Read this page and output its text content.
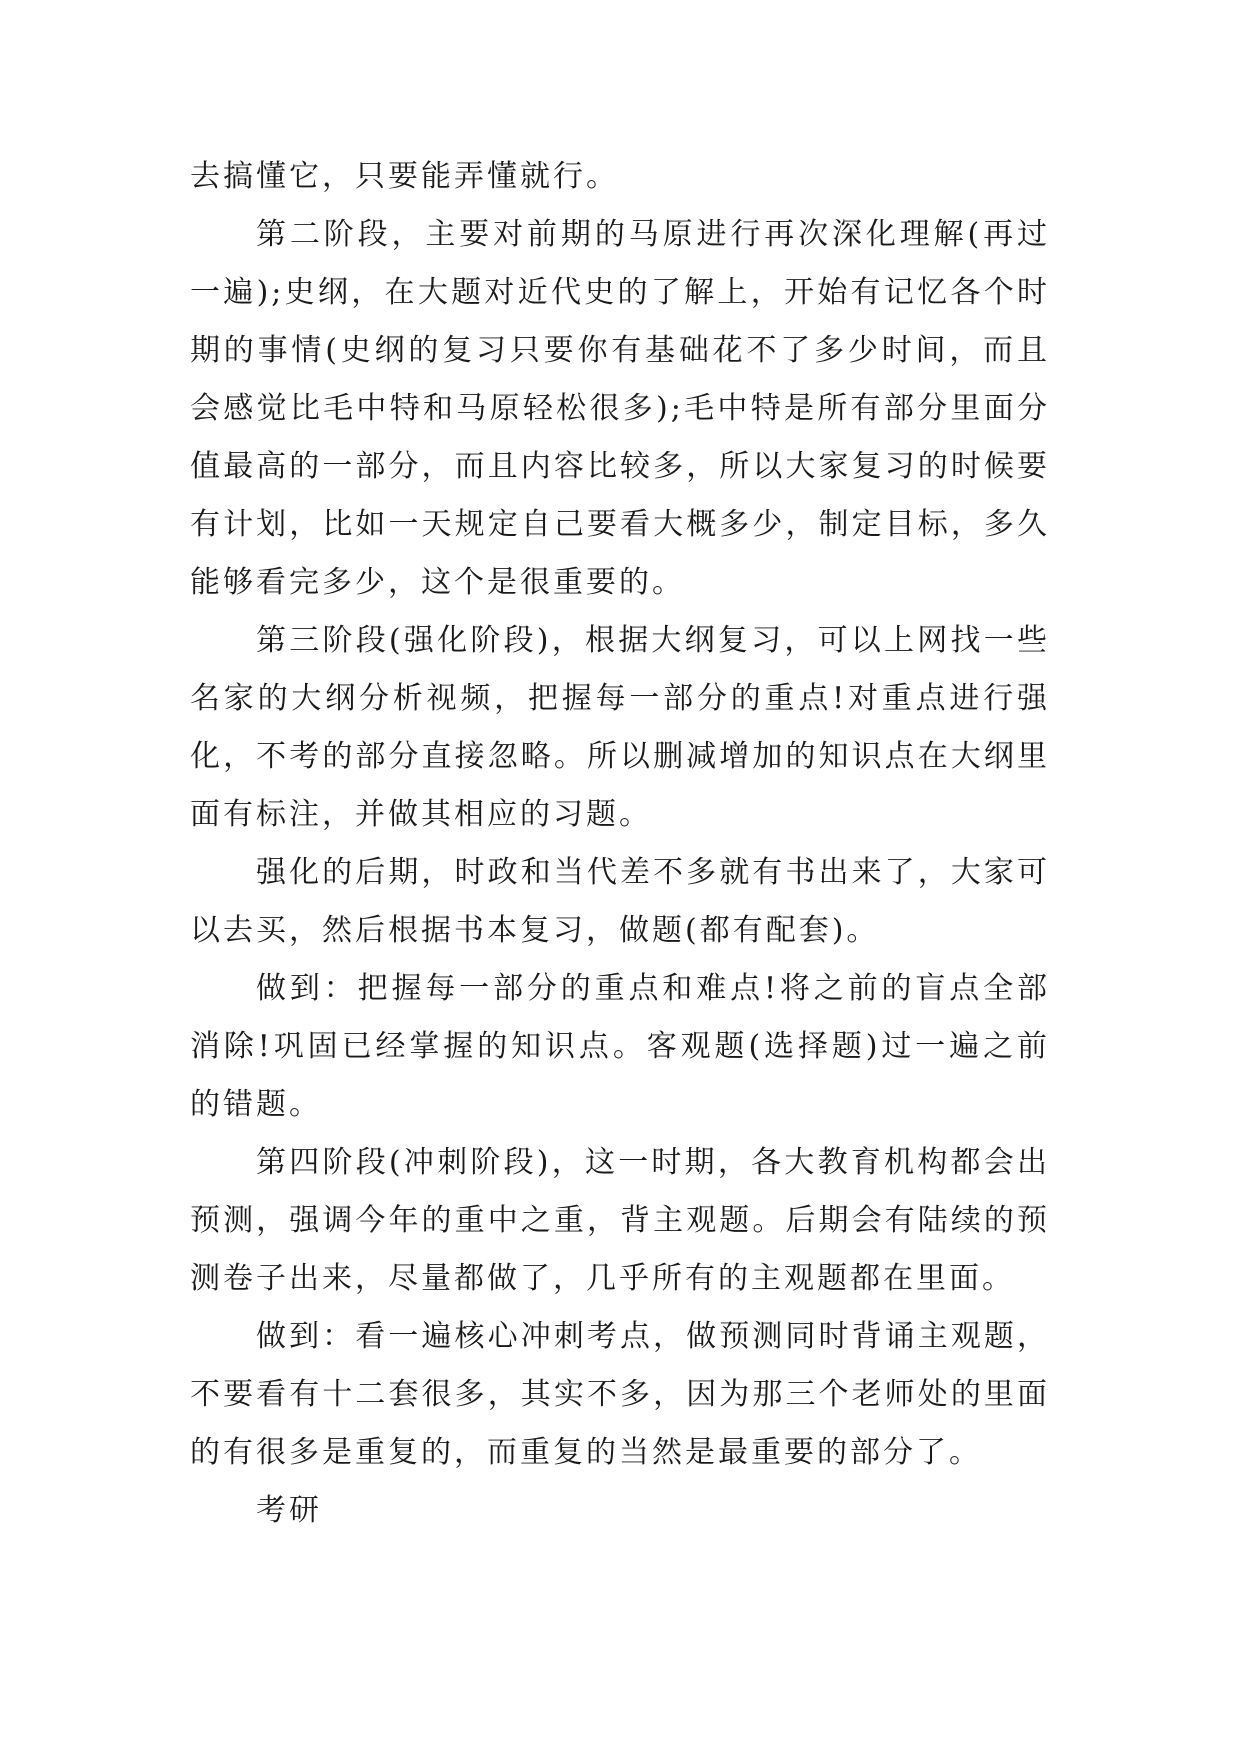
去搞懂它，只要能弄懂就行。

第二阶段，主要对前期的马原进行再次深化理解(再过一遍);史纲，在大题对近代史的了解上，开始有记忆各个时期的事情(史纲的复习只要你有基础花不了多少时间，而且会感觉比毛中特和马原轻松很多);毛中特是所有部分里面分值最高的一部分，而且内容比较多，所以大家复习的时候要有计划，比如一天规定自己要看大概多少，制定目标，多久能够看完多少，这个是很重要的。

第三阶段(强化阶段)，根据大纲复习，可以上网找一些名家的大纲分析视频，把握每一部分的重点!对重点进行强化，不考的部分直接忽略。所以删减增加的知识点在大纲里面有标注，并做其相应的习题。

强化的后期，时政和当代差不多就有书出来了，大家可以去买，然后根据书本复习，做题(都有配套)。

做到：把握每一部分的重点和难点!将之前的盲点全部消除!巩固已经掌握的知识点。客观题(选择题)过一遍之前的错题。

第四阶段(冲刺阶段)，这一时期，各大教育机构都会出预测，强调今年的重中之重，背主观题。后期会有陆续的预测卷子出来，尽量都做了，几乎所有的主观题都在里面。

做到：看一遍核心冲刺考点，做预测同时背诵主观题，不要看有十二套很多，其实不多，因为那三个老师处的里面的有很多是重复的，而重复的当然是最重要的部分了。

考研
